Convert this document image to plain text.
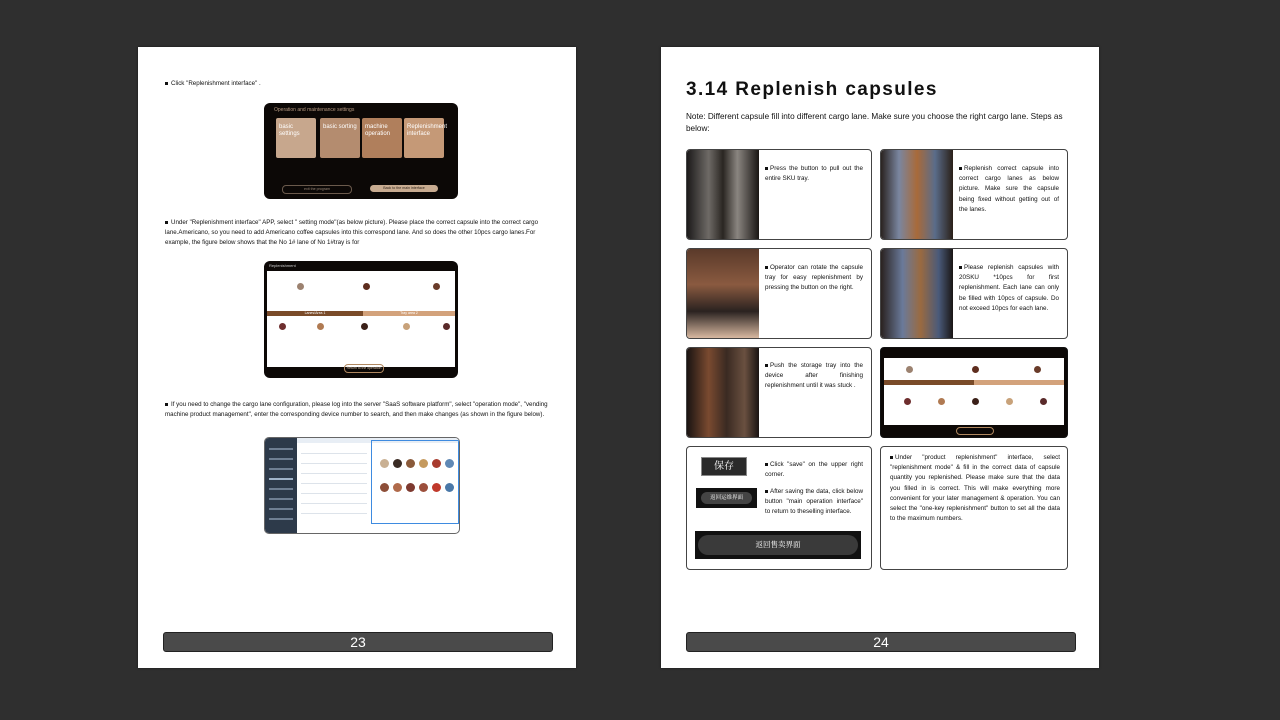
Click "Replenishment interface" .
Operation and maintenance settings
basic settings
basic sorting	machine operation
Replenishment interface
exit the program	Back to the main interface
Under "Replenishment interface" APP, select " setting mode"(as below picture). Please place the correct capsule into the correct cargo lane.Americano, so you need to add Americano coffee capsules into this correspond lane. And so does the other 10pcs cargo lanes.For example, the figure below shows that the No 1# lane of No 1#tray is for
Replenishment
Lanes/Area 1	Tray area 2
Return to the operation
If you need to change the cargo lane configuration, please log into the server "SaaS software platform", select "operation mode", "vending machine product management", enter the corresponding device number to search, and then make changes (as shown in the figure below).
23
3.14 Replenish capsules
Note: Different capsule fill into different cargo lane. Make sure you choose the right cargo lane. Steps as below:
Press the button to pull out the entire SKU tray.
Replenish correct capsule into correct cargo lanes as below picture. Make sure the capsule being fixed without getting out of the lanes.
Operator can rotate the capsule tray for easy replenishment by pressing the button on the right.
Please replenish capsules with 20SKU *10pcs for first replenishment. Each lane can only be filled with 10pcs of capsule. Do not exceed 10pcs for each lane.
Push the storage tray into the device after finishing replenishment until it was stuck .
保存	Click "save" on the upper right corner.
返回运维界面
After saving the data, click below button "main operation interface" to return to theselling interface.
返回售卖界面
Under "product replenishment" interface, select "replenishment mode" & fill in the correct data of capsule quantity you replenished. Please make sure that the data you filled in is correct. This will make everything more convenient for your later management & operation. You can select the "one-key replenishment" button to set all the data to the maximum numbers.
24
